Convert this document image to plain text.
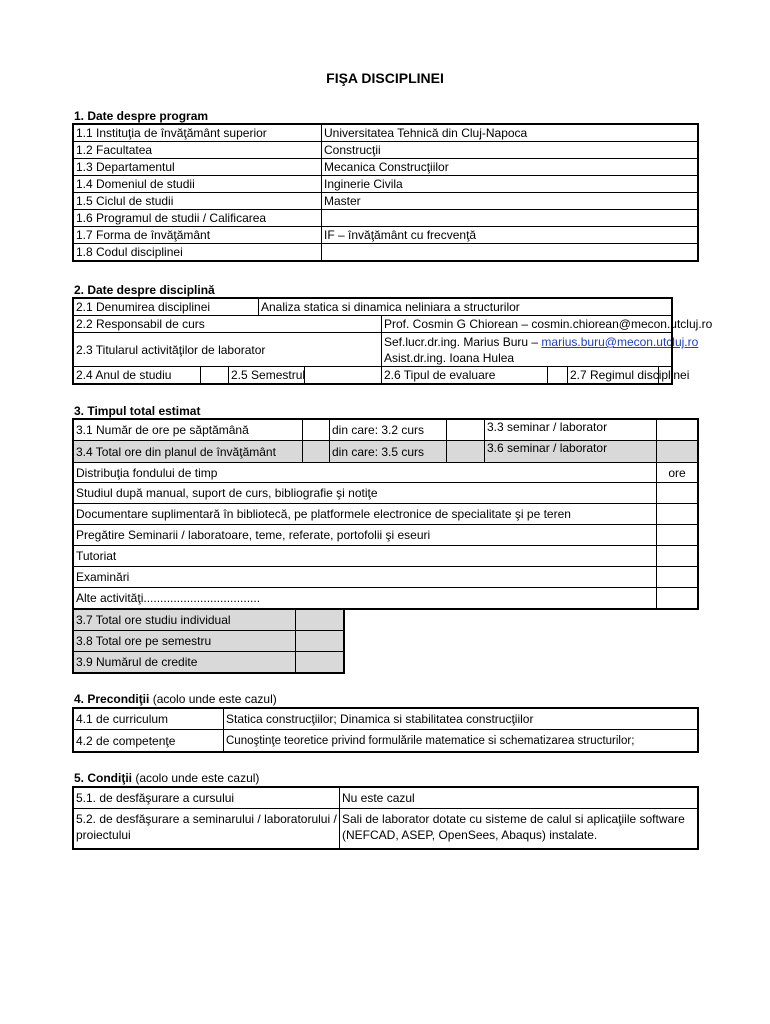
FIŞA DISCIPLINEI
1. Date despre program
1.1 Instituţia de învăţământ superior	Universitatea Tehnică din Cluj-Napoca
1.2 Facultatea	Construcţii
1.3 Departamentul	Mecanica Construcţiilor
1.4 Domeniul de studii	Inginerie Civila
1.5 Ciclul de studii	Master
1.6 Programul de studii / Calificarea	
1.7 Forma de învăţământ	IF – învăţământ cu frecvenţă
1.8 Codul disciplinei	
2. Date despre disciplină
2.1 Denumirea disciplinei			Analiza statica si dinamica neliniara a structurilor					
2.2 Responsabil de curs					Prof. Cosmin G Chiorean – cosmin.chiorean@mecon.utcluj.ro			
2.3 Titularul activităţilor de laborator					Sef.lucr.dr.ing. Marius Buru – marius.buru@mecon.utcluj.ro
Asist.dr.ing. Ioana Hulea			
2.4 Anul de studiu		2.5 Semestrul			2.6 Tipul de evaluare		2.7 Regimul disciplinei	
3. Timpul total estimat
3.1 Număr de ore pe săptămână		din care: 3.2 curs		3.3 seminar / laborator	
3.4 Total ore din planul de învăţământ		din care: 3.5 curs		3.6 seminar / laborator	
Distribuţia fondului de timp					ore
Studiul după manual, suport de curs, bibliografie şi notiţe					
Documentare suplimentară în bibliotecă, pe platformele electronice de specialitate şi pe teren					
Pregătire Seminarii / laboratoare, teme, referate, portofolii şi eseuri					
Tutoriat					
Examinări					
Alte activităţi...................................					
3.7 Total ore studiu individual	
3.8 Total ore pe semestru	
3.9 Numărul de credite	
4. Precondiţii (acolo unde este cazul)
4.1 de curriculum	Statica construcţiilor; Dinamica si stabilitatea construcţiilor
4.2 de competenţe	Cunoştinţe teoretice privind formulările matematice si schematizarea structurilor;
5. Condiţii (acolo unde este cazul)
5.1. de desfăşurare a cursului	Nu este cazul
5.2. de desfăşurare a seminarului / laboratorului / proiectului	Sali de laborator dotate cu sisteme de calul si aplicaţiile software (NEFCAD, ASEP, OpenSees, Abaqus) instalate.
